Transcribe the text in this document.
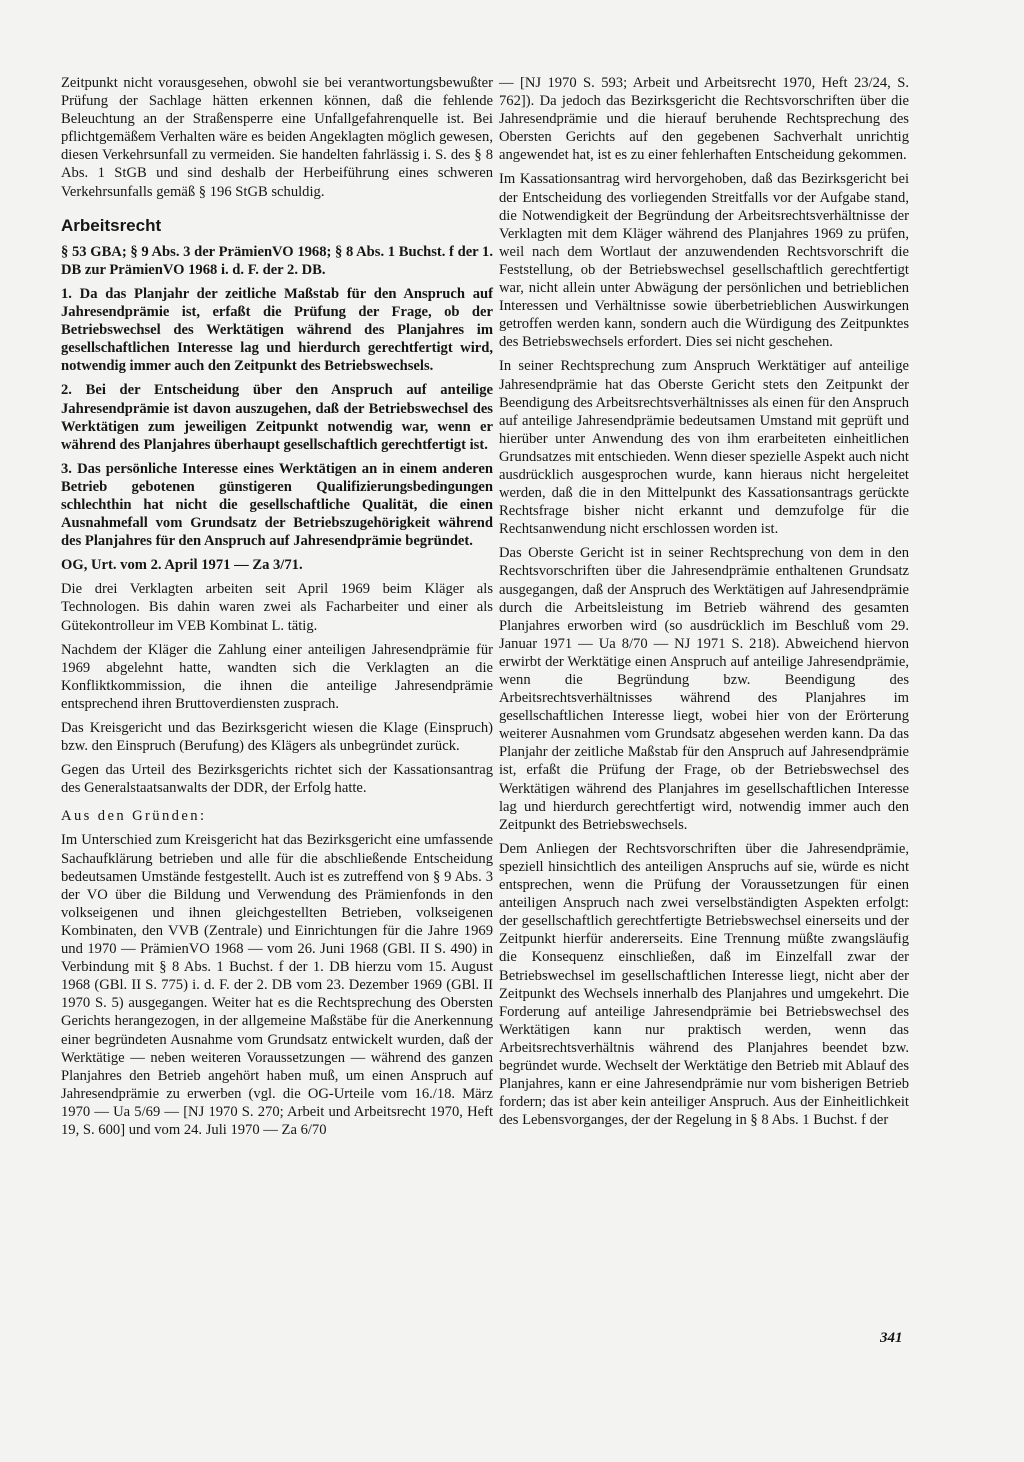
Zeitpunkt nicht vorausgesehen, obwohl sie bei verantwortungsbewußter Prüfung der Sachlage hätten erkennen können, daß die fehlende Beleuchtung an der Straßensperre eine Unfallgefahrenquelle ist. Bei pflichtgemäßem Verhalten wäre es beiden Angeklagten möglich gewesen, diesen Verkehrsunfall zu vermeiden. Sie handelten fahrlässig i. S. des § 8 Abs. 1 StGB und sind deshalb der Herbeiführung eines schweren Verkehrsunfalls gemäß § 196 StGB schuldig.

Arbeitsrecht

§ 53 GBA; § 9 Abs. 3 der PrämienVO 1968; § 8 Abs. 1 Buchst. f der 1. DB zur PrämienVO 1968 i. d. F. der 2. DB.

1. Da das Planjahr der zeitliche Maßstab für den Anspruch auf Jahresendprämie ist, erfaßt die Prüfung der Frage, ob der Betriebswechsel des Werktätigen während des Planjahres im gesellschaftlichen Interesse lag und hierdurch gerechtfertigt wird, notwendig immer auch den Zeitpunkt des Betriebswechsels.

2. Bei der Entscheidung über den Anspruch auf anteilige Jahresendprämie ist davon auszugehen, daß der Betriebswechsel des Werktätigen zum jeweiligen Zeitpunkt notwendig war, wenn er während des Planjahres überhaupt gesellschaftlich gerechtfertigt ist.

3. Das persönliche Interesse eines Werktätigen an in einem anderen Betrieb gebotenen günstigeren Qualifizierungsbedingungen schlechthin hat nicht die gesellschaftliche Qualität, die einen Ausnahmefall vom Grundsatz der Betriebszugehörigkeit während des Planjahres für den Anspruch auf Jahresendprämie begründet.

OG, Urt. vom 2. April 1971 — Za 3/71.

Die drei Verklagten arbeiten seit April 1969 beim Kläger als Technologen. Bis dahin waren zwei als Facharbeiter und einer als Gütekontrolleur im VEB Kombinat L. tätig.

Nachdem der Kläger die Zahlung einer anteiligen Jahresendprämie für 1969 abgelehnt hatte, wandten sich die Verklagten an die Konfliktkommission, die ihnen die anteilige Jahresendprämie entsprechend ihren Bruttoverdiensten zusprach.

Das Kreisgericht und das Bezirksgericht wiesen die Klage (Einspruch) bzw. den Einspruch (Berufung) des Klägers als unbegründet zurück.

Gegen das Urteil des Bezirksgerichts richtet sich der Kassationsantrag des Generalstaatsanwalts der DDR, der Erfolg hatte.

Aus den Gründen:

Im Unterschied zum Kreisgericht hat das Bezirksgericht eine umfassende Sachaufklärung betrieben und alle für die abschließende Entscheidung bedeutsamen Umstände festgestellt. Auch ist es zutreffend von § 9 Abs. 3 der VO über die Bildung und Verwendung des Prämienfonds in den volkseigenen und ihnen gleichgestellten Betrieben, volkseigenen Kombinaten, den VVB (Zentrale) und Einrichtungen für die Jahre 1969 und 1970 — PrämienVO 1968 — vom 26. Juni 1968 (GBl. II S. 490) in Verbindung mit § 8 Abs. 1 Buchst. f der 1. DB hierzu vom 15. August 1968 (GBl. II S. 775) i. d. F. der 2. DB vom 23. Dezember 1969 (GBl. II 1970 S. 5) ausgegangen. Weiter hat es die Rechtsprechung des Obersten Gerichts herangezogen, in der allgemeine Maßstäbe für die Anerkennung einer begründeten Ausnahme vom Grundsatz entwickelt wurden, daß der Werktätige — neben weiteren Voraussetzungen — während des ganzen Planjahres den Betrieb angehört haben muß, um einen Anspruch auf Jahresendprämie zu erwerben (vgl. die OG-Urteile vom 16./18. März 1970 — Ua 5/69 — [NJ 1970 S. 270; Arbeit und Arbeitsrecht 1970, Heft 19, S. 600] und vom 24. Juli 1970 — Za 6/70

— [NJ 1970 S. 593; Arbeit und Arbeitsrecht 1970, Heft 23/24, S. 762]). Da jedoch das Bezirksgericht die Rechtsvorschriften über die Jahresendprämie und die hierauf beruhende Rechtsprechung des Obersten Gerichts auf den gegebenen Sachverhalt unrichtig angewendet hat, ist es zu einer fehlerhaften Entscheidung gekommen.

Im Kassationsantrag wird hervorgehoben, daß das Bezirksgericht bei der Entscheidung des vorliegenden Streitfalls vor der Aufgabe stand, die Notwendigkeit der Begründung der Arbeitsrechtsverhältnisse der Verklagten mit dem Kläger während des Planjahres 1969 zu prüfen, weil nach dem Wortlaut der anzuwendenden Rechtsvorschrift die Feststellung, ob der Betriebswechsel gesellschaftlich gerechtfertigt war, nicht allein unter Abwägung der persönlichen und betrieblichen Interessen und Verhältnisse sowie überbetrieblichen Auswirkungen getroffen werden kann, sondern auch die Würdigung des Zeitpunktes des Betriebswechsels erfordert. Dies sei nicht geschehen.

In seiner Rechtsprechung zum Anspruch Werktätiger auf anteilige Jahresendprämie hat das Oberste Gericht stets den Zeitpunkt der Beendigung des Arbeitsrechtsverhältnisses als einen für den Anspruch auf anteilige Jahresendprämie bedeutsamen Umstand mit geprüft und hierüber unter Anwendung des von ihm erarbeiteten einheitlichen Grundsatzes mit entschieden. Wenn dieser spezielle Aspekt auch nicht ausdrücklich ausgesprochen wurde, kann hieraus nicht hergeleitet werden, daß die in den Mittelpunkt des Kassationsantrags gerückte Rechtsfrage bisher nicht erkannt und demzufolge für die Rechtsanwendung nicht erschlossen worden ist.

Das Oberste Gericht ist in seiner Rechtsprechung von dem in den Rechtsvorschriften über die Jahresendprämie enthaltenen Grundsatz ausgegangen, daß der Anspruch des Werktätigen auf Jahresendprämie durch die Arbeitsleistung im Betrieb während des gesamten Planjahres erworben wird (so ausdrücklich im Beschluß vom 29. Januar 1971 — Ua 8/70 — NJ 1971 S. 218). Abweichend hiervon erwirbt der Werktätige einen Anspruch auf anteilige Jahresendprämie, wenn die Begründung bzw. Beendigung des Arbeitsrechtsverhältnisses während des Planjahres im gesellschaftlichen Interesse liegt, wobei hier von der Erörterung weiterer Ausnahmen vom Grundsatz abgesehen werden kann. Da das Planjahr der zeitliche Maßstab für den Anspruch auf Jahresendprämie ist, erfaßt die Prüfung der Frage, ob der Betriebswechsel des Werktätigen während des Planjahres im gesellschaftlichen Interesse lag und hierdurch gerechtfertigt wird, notwendig immer auch den Zeitpunkt des Betriebswechsels.

Dem Anliegen der Rechtsvorschriften über die Jahresendprämie, speziell hinsichtlich des anteiligen Anspruchs auf sie, würde es nicht entsprechen, wenn die Prüfung der Voraussetzungen für einen anteiligen Anspruch nach zwei verselbständigten Aspekten erfolgt: der gesellschaftlich gerechtfertigte Betriebswechsel einerseits und der Zeitpunkt hierfür andererseits. Eine Trennung müßte zwangsläufig die Konsequenz einschließen, daß im Einzelfall zwar der Betriebswechsel im gesellschaftlichen Interesse liegt, nicht aber der Zeitpunkt des Wechsels innerhalb des Planjahres und umgekehrt. Die Forderung auf anteilige Jahresendprämie bei Betriebswechsel des Werktätigen kann nur praktisch werden, wenn das Arbeitsrechtsverhältnis während des Planjahres beendet bzw. begründet wurde. Wechselt der Werktätige den Betrieb mit Ablauf des Planjahres, kann er eine Jahresendprämie nur vom bisherigen Betrieb fordern; das ist aber kein anteiliger Anspruch. Aus der Einheitlichkeit des Lebensvorganges, der der Regelung in § 8 Abs. 1 Buchst. f der

341
